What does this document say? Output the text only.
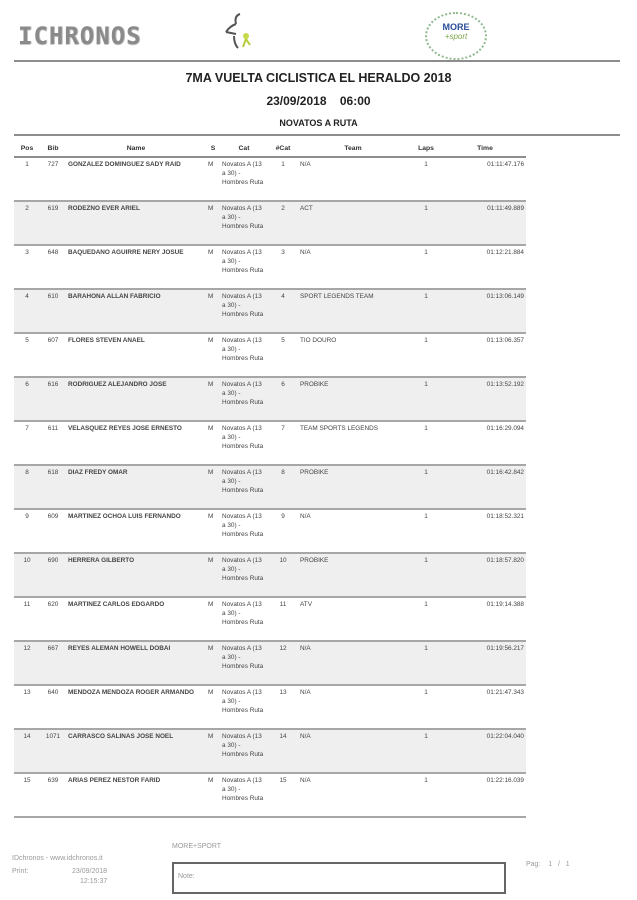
ICHRONOS	MORE
+sport
7MA VUELTA CICLISTICA EL HERALDO 2018
23/09/2018 06:00
NOVATOS A RUTA
Pos	Bib	Name	S	Cat	#Cat	Team	Laps	Time
1	727	GONZALEZ DOMINGUEZ SADY RAID	M	Novatos A (13 a 30) - Hombres Ruta	1	N/A	1	01:11:47.176
2	619	RODEZNO EVER ARIEL	M	Novatos A (13 a 30) - Hombres Ruta	2	ACT	1	01:11:49.889
3	648	BAQUEDANO AGUIRRE NERY JOSUE	M	Novatos A (13 a 30) - Hombres Ruta	3	N/A	1	01:12:21.884
4	610	BARAHONA ALLAN FABRICIO	M	Novatos A (13 a 30) - Hombres Ruta	4	SPORT LEGENDS TEAM	1	01:13:06.149
5	607	FLORES STEVEN ANAEL	M	Novatos A (13 a 30) - Hombres Ruta	5	TIO DOURO	1	01:13:06.357
6	616	RODRIGUEZ ALEJANDRO JOSE	M	Novatos A (13 a 30) - Hombres Ruta	6	PROBIKE	1	01:13:52.192
7	611	VELASQUEZ REYES JOSE ERNESTO	M	Novatos A (13 a 30) - Hombres Ruta	7	TEAM SPORTS LEGENDS	1	01:16:29.094
8	618	DIAZ FREDY OMAR	M	Novatos A (13 a 30) - Hombres Ruta	8	PROBIKE	1	01:16:42.842
9	609	MARTINEZ OCHOA LUIS FERNANDO	M	Novatos A (13 a 30) - Hombres Ruta	9	N/A	1	01:18:52.321
10	690	HERRERA GILBERTO	M	Novatos A (13 a 30) - Hombres Ruta	10	PROBIKE	1	01:18:57.820
11	620	MARTINEZ CARLOS EDGARDO	M	Novatos A (13 a 30) - Hombres Ruta	11	ATV	1	01:19:14.388
12	667	REYES ALEMAN HOWELL DOBAI	M	Novatos A (13 a 30) - Hombres Ruta	12	N/A	1	01:19:56.217
13	640	MENDOZA MENDOZA ROGER ARMANDO	M	Novatos A (13 a 30) - Hombres Ruta	13	N/A	1	01:21:47.343
14	1071	CARRASCO SALINAS JOSE NOEL	M	Novatos A (13 a 30) - Hombres Ruta	14	N/A	1	01:22:04.040
15	639	ARIAS PEREZ NESTOR FARID	M	Novatos A (13 a 30) - Hombres Ruta	15	N/A	1	01:22:16.039
MORE+SPORT
IDchronos - www.idchronos.it
Print:	23/09/2018
12:15:37
Note:
Pag: 1 / 1
